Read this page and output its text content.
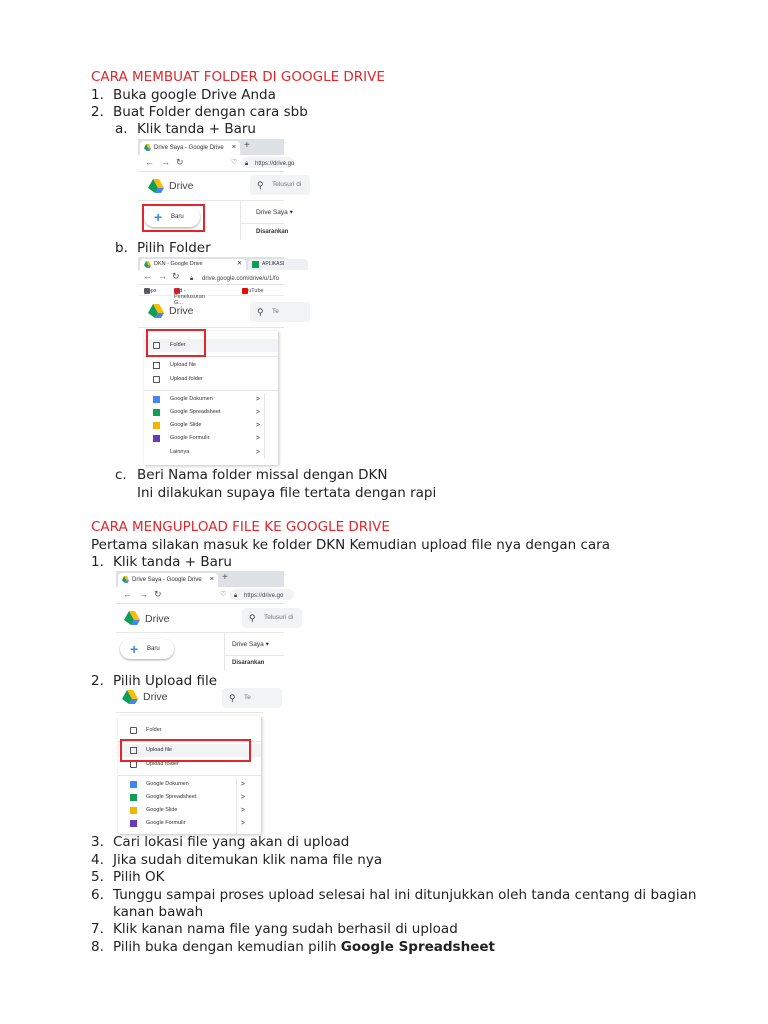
CARA MEMBUAT FOLDER DI GOOGLE DRIVE
1. Buka google Drive Anda
2. Buat Folder dengan cara sbb
a. Klik tanda + Baru
Drive Saya - Google Drive × +
← → ↻	♡ 🔒︎ https://drive.go
Drive	⚲ Telusuri di
+ Baru
Drive Saya ▾
Disarankan
b. Pilih Folder
DKN - Google Drive	✕	APLIKASI
← → ↻ 🔒︎ drive.google.com/drive/u/1/fo
Apps	siid - Penelusuran G...
YouTube
Drive	⚲ Te
Folder
Upload file
Upload folder
Google Dokumen	>
Google Spreadsheet	>
Google Slide	>
Google Formulir	>
Lainnya	>
c. Beri Nama folder missal dengan DKN
Ini dilakukan supaya file tertata dengan rapi
CARA MENGUPLOAD FILE KE GOOGLE DRIVE
Pertama silakan masuk ke folder DKN Kemudian upload file nya dengan cara
1. Klik tanda + Baru
Drive Saya - Google Drive × +
← → ↻	♡ 🔒︎ https://drive.go
Drive	⚲ Telusuri di
+ Baru
Drive Saya ▾
Disarankan
2. Pilih Upload file
Drive	⚲ Te
Folder
Upload file
Upload folder
Google Dokumen	>
Google Spreadsheet	>
Google Slide	>
Google Formulir	>
3. Cari lokasi file yang akan di upload
4. Jika sudah ditemukan klik nama file nya
5. Pilih OK
6. Tunggu sampai proses upload selesai hal ini ditunjukkan oleh tanda centang di bagian
kanan bawah
7. Klik kanan nama file yang sudah berhasil di upload
8. Pilih buka dengan kemudian pilih Google Spreadsheet
